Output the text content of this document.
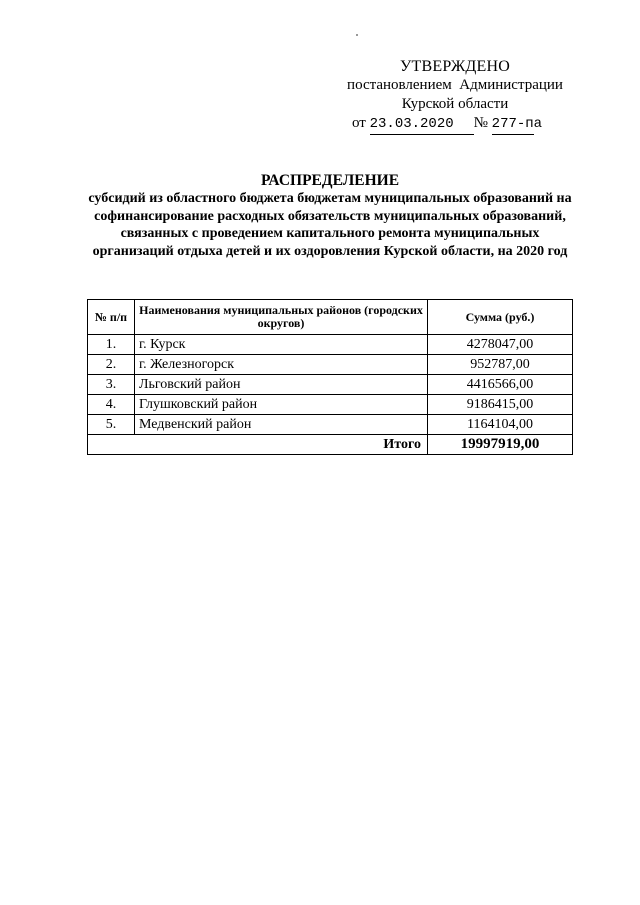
УТВЕРЖДЕНО
постановлением  Администрации
Курской области
от 23.03.2020 № 277-па
РАСПРЕДЕЛЕНИЕ
субсидий из областного бюджета бюджетам муниципальных образований на софинансирование расходных обязательств муниципальных образований, связанных с проведением капитального ремонта муниципальных организаций отдыха детей и их оздоровления Курской области, на 2020 год
№ п/п	Наименования муниципальных районов (городских округов)	Сумма (руб.)
1.	г. Курск	4278047,00
2.	г. Железногорск	952787,00
3.	Льговский район	4416566,00
4.	Глушковский район	9186415,00
5.	Медвенский район	1164104,00
	Итого	19997919,00
